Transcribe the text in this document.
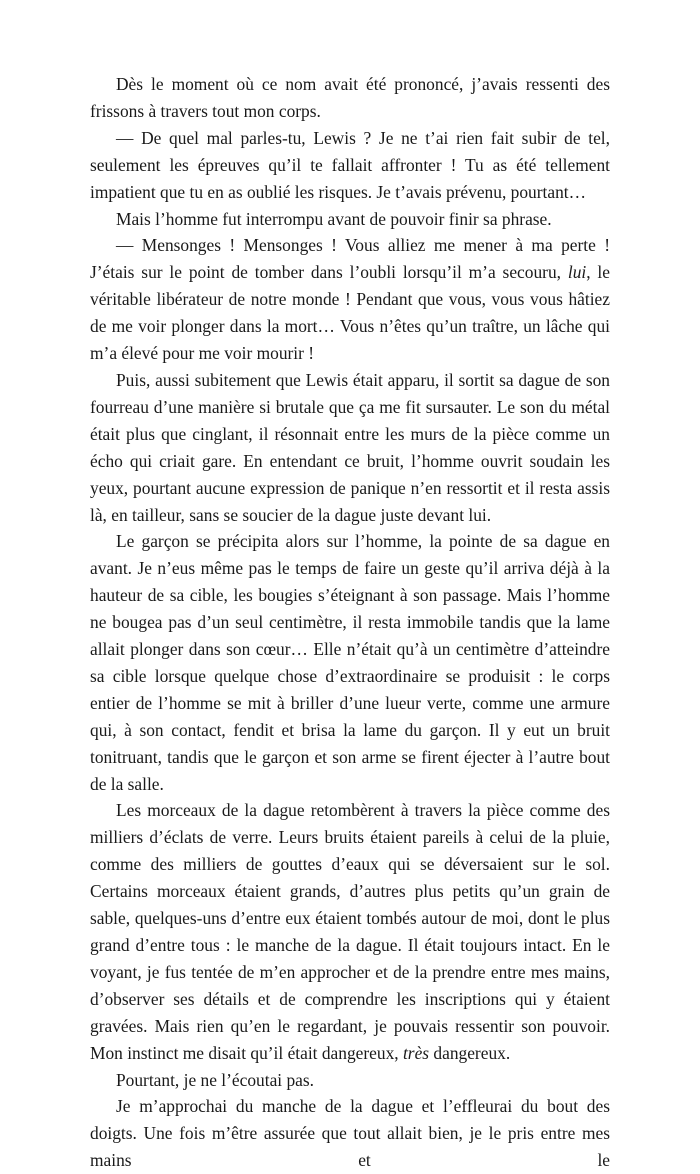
Dès le moment où ce nom avait été prononcé, j’avais ressenti des frissons à travers tout mon corps.

— De quel mal parles-tu, Lewis ? Je ne t’ai rien fait subir de tel, seulement les épreuves qu’il te fallait affronter ! Tu as été tellement impatient que tu en as oublié les risques. Je t’avais prévenu, pourtant…

Mais l’homme fut interrompu avant de pouvoir finir sa phrase.

— Mensonges ! Mensonges ! Vous alliez me mener à ma perte ! J’étais sur le point de tomber dans l’oubli lorsqu’il m’a secouru, lui, le véritable libérateur de notre monde ! Pendant que vous, vous vous hâtiez de me voir plonger dans la mort… Vous n’êtes qu’un traître, un lâche qui m’a élevé pour me voir mourir !

Puis, aussi subitement que Lewis était apparu, il sortit sa dague de son fourreau d’une manière si brutale que ça me fit sursauter. Le son du métal était plus que cinglant, il résonnait entre les murs de la pièce comme un écho qui criait gare. En entendant ce bruit, l’homme ouvrit soudain les yeux, pourtant aucune expression de panique n’en ressortit et il resta assis là, en tailleur, sans se soucier de la dague juste devant lui.

Le garçon se précipita alors sur l’homme, la pointe de sa dague en avant. Je n’eus même pas le temps de faire un geste qu’il arriva déjà à la hauteur de sa cible, les bougies s’éteignant à son passage. Mais l’homme ne bougea pas d’un seul centimètre, il resta immobile tandis que la lame allait plonger dans son cœur… Elle n’était qu’à un centimètre d’atteindre sa cible lorsque quelque chose d’extraordinaire se produisit : le corps entier de l’homme se mit à briller d’une lueur verte, comme une armure qui, à son contact, fendit et brisa la lame du garçon. Il y eut un bruit tonitruant, tandis que le garçon et son arme se firent éjecter à l’autre bout de la salle.

Les morceaux de la dague retombèrent à travers la pièce comme des milliers d’éclats de verre. Leurs bruits étaient pareils à celui de la pluie, comme des milliers de gouttes d’eaux qui se déversaient sur le sol. Certains morceaux étaient grands, d’autres plus petits qu’un grain de sable, quelques-uns d’entre eux étaient tombés autour de moi, dont le plus grand d’entre tous : le manche de la dague. Il était toujours intact. En le voyant, je fus tentée de m’en approcher et de la prendre entre mes mains, d’observer ses détails et de comprendre les inscriptions qui y étaient gravées. Mais rien qu’en le regardant, je pouvais ressentir son pouvoir. Mon instinct me disait qu’il était dangereux, très dangereux.

Pourtant, je ne l’écoutai pas.

Je m’approchai du manche de la dague et l’effleurai du bout des doigts. Une fois m’être assurée que tout allait bien, je le pris entre mes mains et le
